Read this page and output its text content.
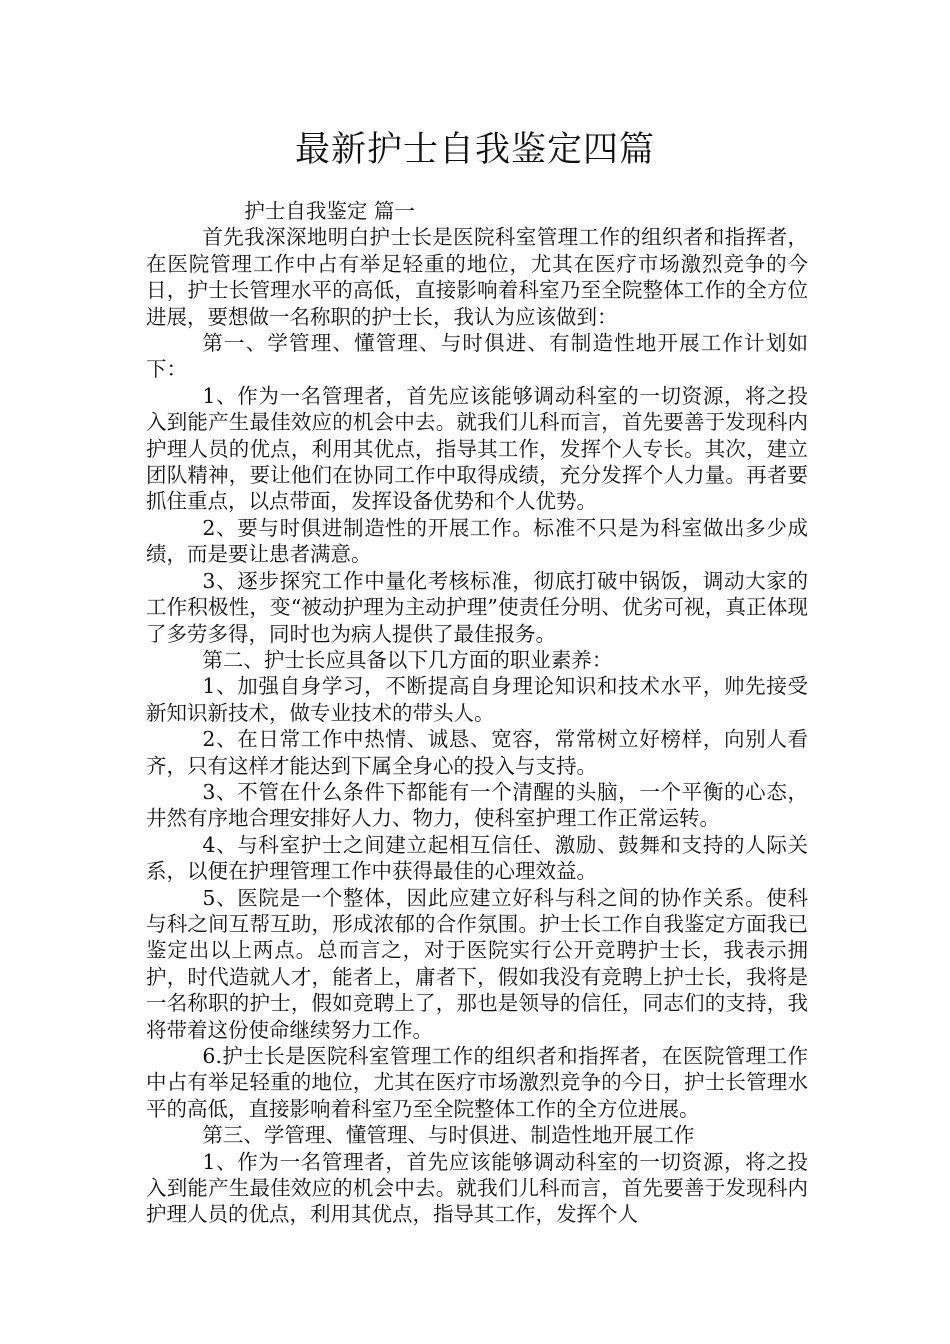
最新护士自我鉴定四篇

护士自我鉴定 篇一

首先我深深地明白护士长是医院科室管理工作的组织者和指挥者，在医院管理工作中占有举足轻重的地位，尤其在医疗市场激烈竞争的今日，护士长管理水平的高低，直接影响着科室乃至全院整体工作的全方位进展，要想做一名称职的护士长，我认为应该做到：

第一、学管理、懂管理、与时俱进、有制造性地开展工作计划如下：

1、作为一名管理者，首先应该能够调动科室的一切资源，将之投入到能产生最佳效应的机会中去。就我们儿科而言，首先要善于发现科内护理人员的优点，利用其优点，指导其工作，发挥个人专长。其次，建立团队精神，要让他们在协同工作中取得成绩，充分发挥个人力量。再者要抓住重点，以点带面，发挥设备优势和个人优势。

2、要与时俱进制造性的开展工作。标准不只是为科室做出多少成绩，而是要让患者满意。

3、逐步探究工作中量化考核标准，彻底打破中锅饭，调动大家的工作积极性，变“被动护理为主动护理”使责任分明、优劣可视，真正体现了多劳多得，同时也为病人提供了最佳报务。

第二、护士长应具备以下几方面的职业素养：

1、加强自身学习，不断提高自身理论知识和技术水平，帅先接受新知识新技术，做专业技术的带头人。

2、在日常工作中热情、诚恳、宽容，常常树立好榜样，向别人看齐，只有这样才能达到下属全身心的投入与支持。

3、不管在什么条件下都能有一个清醒的头脑，一个平衡的心态，井然有序地合理安排好人力、物力，使科室护理工作正常运转。

4、与科室护士之间建立起相互信任、激励、鼓舞和支持的人际关系，以便在护理管理工作中获得最佳的心理效益。

5、医院是一个整体，因此应建立好科与科之间的协作关系。使科与科之间互帮互助，形成浓郁的合作氛围。护士长工作自我鉴定方面我已鉴定出以上两点。总而言之，对于医院实行公开竞聘护士长，我表示拥护，时代造就人才，能者上，庸者下，假如我没有竞聘上护士长，我将是一名称职的护士，假如竞聘上了，那也是领导的信任，同志们的支持，我将带着这份使命继续努力工作。

6.护士长是医院科室管理工作的组织者和指挥者，在医院管理工作中占有举足轻重的地位，尤其在医疗市场激烈竞争的今日，护士长管理水平的高低，直接影响着科室乃至全院整体工作的全方位进展。

第三、学管理、懂管理、与时俱进、制造性地开展工作

1、作为一名管理者，首先应该能够调动科室的一切资源，将之投入到能产生最佳效应的机会中去。就我们儿科而言，首先要善于发现科内护理人员的优点，利用其优点，指导其工作，发挥个人
